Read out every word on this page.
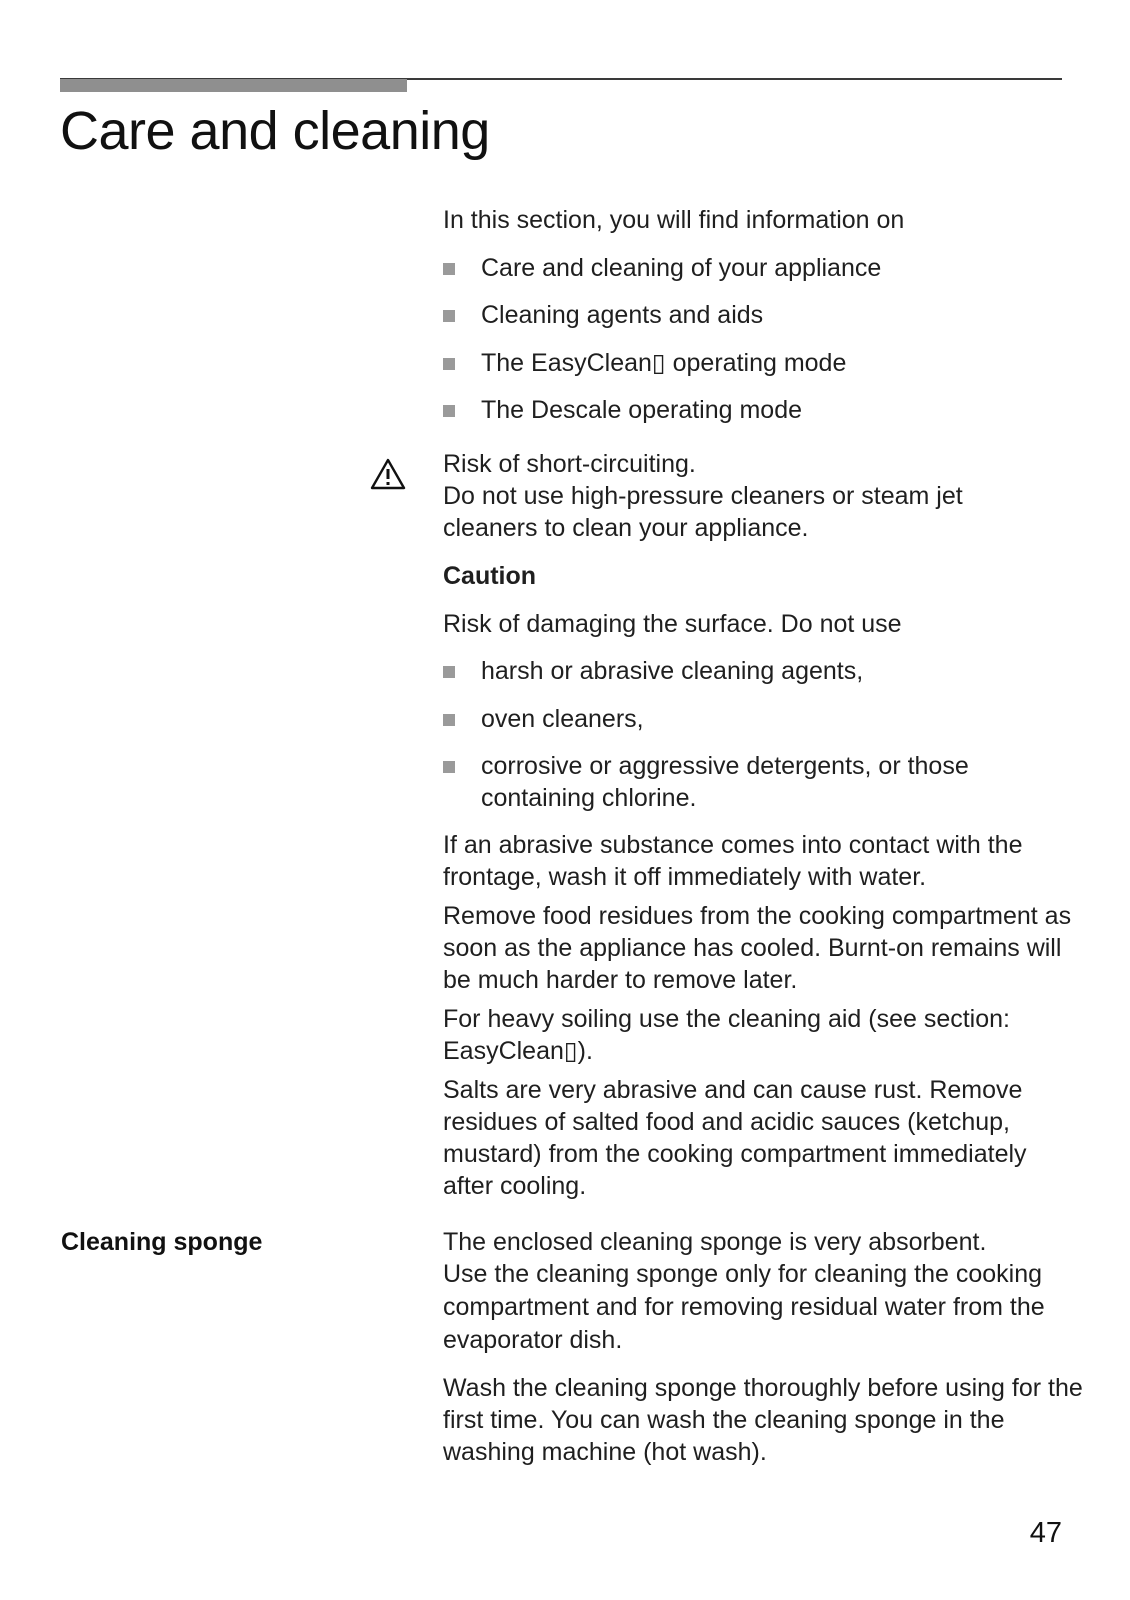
Care and cleaning

In this section, you will find information on

Care and cleaning of your appliance

Cleaning agents and aids

The EasyClean▯ operating mode

The Descale operating mode

Risk of short-circuiting.

Do not use high-pressure cleaners or steam jet cleaners to clean your appliance.

Caution

Risk of damaging the surface. Do not use

harsh or abrasive cleaning agents,

oven cleaners,

corrosive or aggressive detergents, or those containing chlorine.

If an abrasive substance comes into contact with the frontage, wash it off immediately with water.

Remove food residues from the cooking compartment as soon as the appliance has cooled. Burnt-on remains will be much harder to remove later.

For heavy soiling use the cleaning aid (see section: EasyClean▯).

Salts are very abrasive and can cause rust. Remove residues of salted food and acidic sauces (ketchup, mustard) from the cooking compartment immediately after cooling.

Cleaning sponge	The enclosed cleaning sponge is very absorbent.

Use the cleaning sponge only for cleaning the cooking compartment and for removing residual water from the evaporator dish.

Wash the cleaning sponge thoroughly before using for the first time. You can wash the cleaning sponge in the washing machine (hot wash).

47
